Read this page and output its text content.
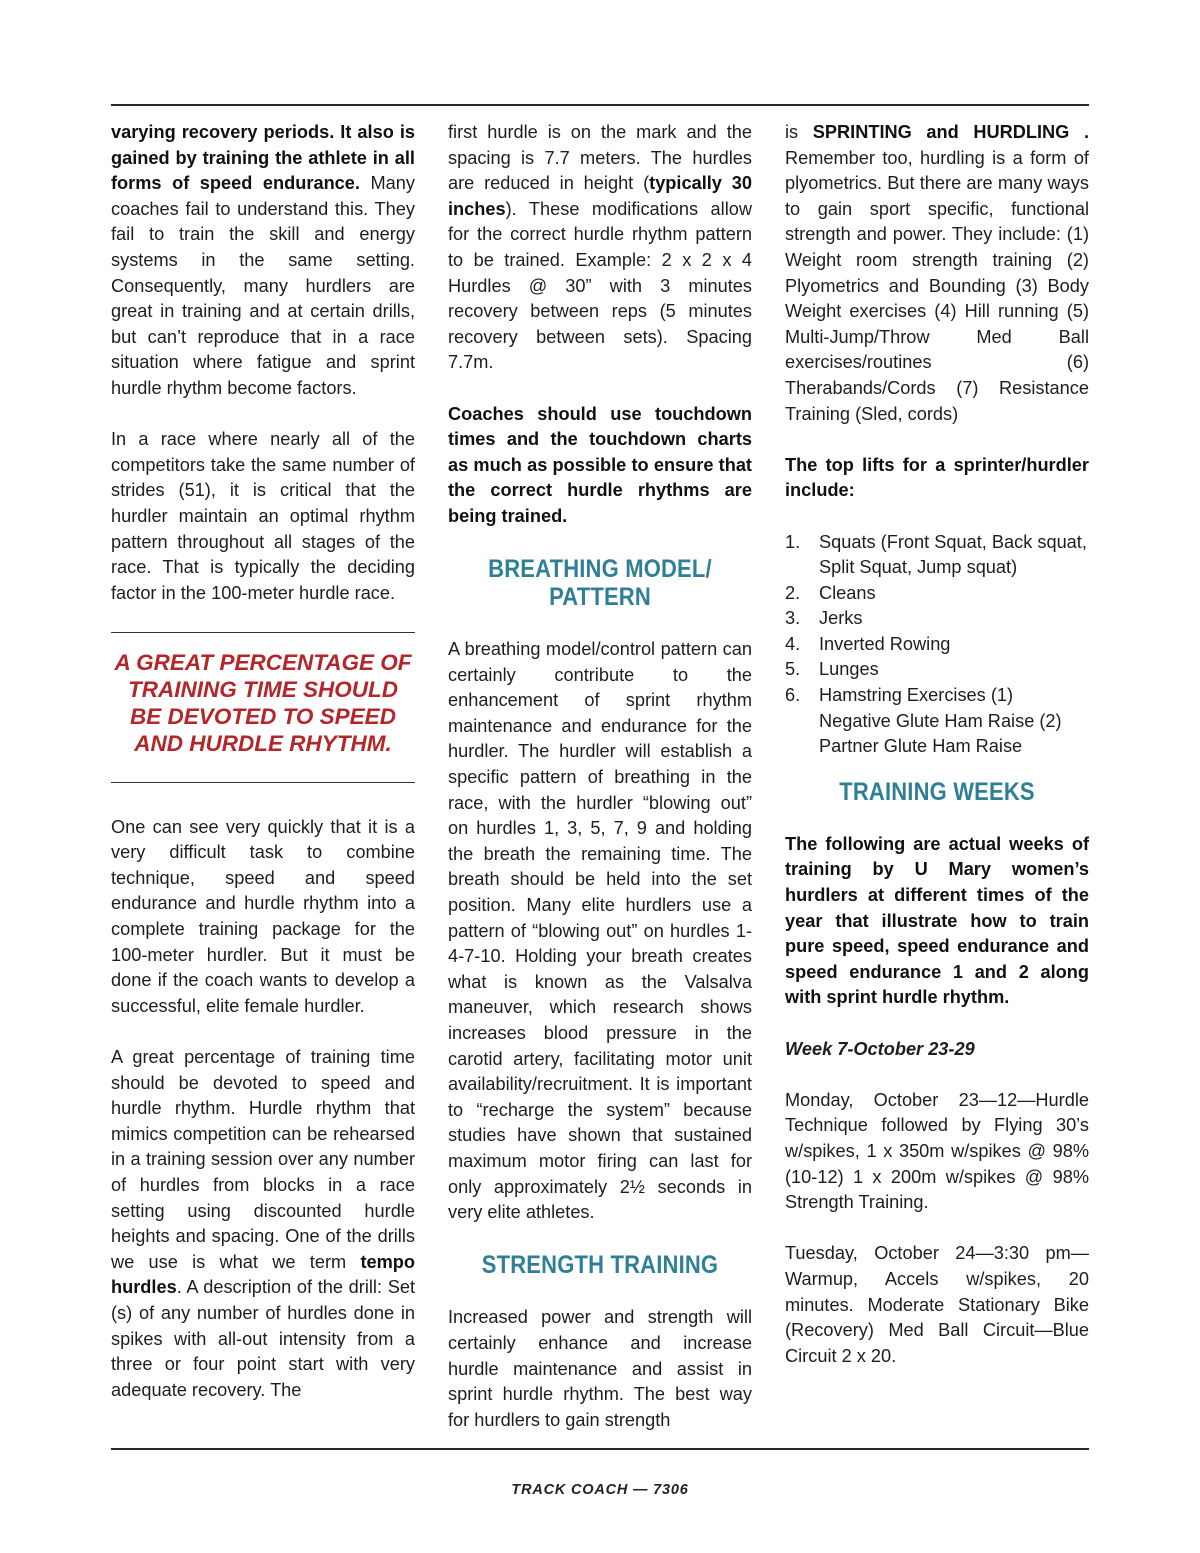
varying recovery periods. It also is gained by training the athlete in all forms of speed endurance. Many coaches fail to understand this. They fail to train the skill and energy systems in the same setting. Consequently, many hurdlers are great in training and at certain drills, but can’t reproduce that in a race situation where fatigue and sprint hurdle rhythm become factors.

In a race where nearly all of the competitors take the same number of strides (51), it is critical that the hurdler maintain an optimal rhythm pattern throughout all stages of the race. That is typically the deciding factor in the 100-meter hurdle race.

A GREAT PERCENTAGE OF TRAINING TIME SHOULD BE DEVOTED TO SPEED AND HURDLE RHYTHM.

One can see very quickly that it is a very difficult task to combine technique, speed and speed endurance and hurdle rhythm into a complete training package for the 100-meter hurdler. But it must be done if the coach wants to develop a successful, elite female hurdler.

A great percentage of training time should be devoted to speed and hurdle rhythm. Hurdle rhythm that mimics competition can be rehearsed in a training session over any number of hurdles from blocks in a race setting using discounted hurdle heights and spacing. One of the drills we use is what we term tempo hurdles. A description of the drill: Set (s) of any number of hurdles done in spikes with all-out intensity from a three or four point start with very adequate recovery. The

first hurdle is on the mark and the spacing is 7.7 meters. The hurdles are reduced in height (typically 30 inches). These modifications allow for the correct hurdle rhythm pattern to be trained. Example: 2 x 2 x 4 Hurdles @ 30” with 3 minutes recovery between reps (5 minutes recovery between sets). Spacing 7.7m.

Coaches should use touchdown times and the touchdown charts as much as possible to ensure that the correct hurdle rhythms are being trained.

BREATHING MODEL/ PATTERN

A breathing model/control pattern can certainly contribute to the enhancement of sprint rhythm maintenance and endurance for the hurdler. The hurdler will establish a specific pattern of breathing in the race, with the hurdler “blowing out” on hurdles 1, 3, 5, 7, 9 and holding the breath the remaining time. The breath should be held into the set position. Many elite hurdlers use a pattern of “blowing out” on hurdles 1-4-7-10. Holding your breath creates what is known as the Valsalva maneuver, which research shows increases blood pressure in the carotid artery, facilitating motor unit availability/recruitment. It is important to “recharge the system” because studies have shown that sustained maximum motor firing can last for only approximately 2½ seconds in very elite athletes.

STRENGTH TRAINING

Increased power and strength will certainly enhance and increase hurdle maintenance and assist in sprint hurdle rhythm. The best way for hurdlers to gain strength

is SPRINTING and HURDLING . Remember too, hurdling is a form of plyometrics. But there are many ways to gain sport specific, functional strength and power. They include: (1) Weight room strength training (2) Plyometrics and Bounding (3) Body Weight exercises (4) Hill running (5) Multi-Jump/Throw Med Ball exercises/routines (6) Therabands/Cords (7) Resistance Training (Sled, cords)

The top lifts for a sprinter/hurdler include:

1. Squats (Front Squat, Back squat, Split Squat, Jump squat)
2. Cleans
3. Jerks
4. Inverted Rowing
5. Lunges
6. Hamstring Exercises (1) Negative Glute Ham Raise (2) Partner Glute Ham Raise
TRAINING WEEKS

The following are actual weeks of training by U Mary women’s hurdlers at different times of the year that illustrate how to train pure speed, speed endurance and speed endurance 1 and 2 along with sprint hurdle rhythm.

Week 7-October 23-29

Monday, October 23—12—Hurdle Technique followed by Flying 30’s w/spikes, 1 x 350m w/spikes @ 98% (10-12) 1 x 200m w/spikes @ 98% Strength Training.

Tuesday, October 24—3:30 pm—Warmup, Accels w/spikes, 20 minutes. Moderate Stationary Bike (Recovery) Med Ball Circuit—Blue Circuit 2 x 20.

TRACK COACH — 7306
